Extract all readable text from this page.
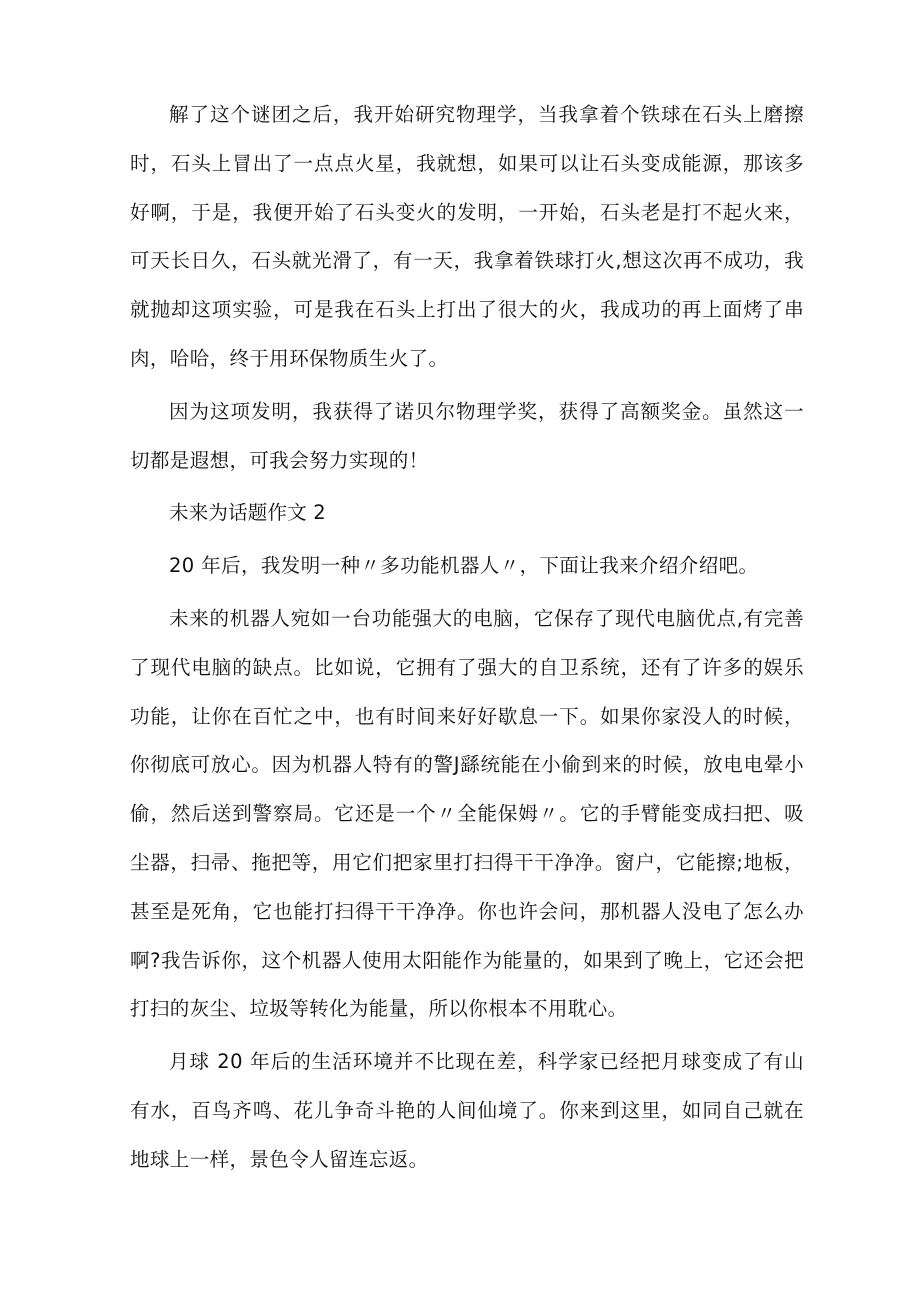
解了这个谜团之后，我开始研究物理学，当我拿着个铁球在石头上磨擦时，石头上冒出了一点点火星，我就想，如果可以让石头变成能源，那该多好啊，于是，我便开始了石头变火的发明，一开始，石头老是打不起火来，可天长日久，石头就光滑了，有一天，我拿着铁球打火,想这次再不成功，我就抛却这项实验，可是我在石头上打出了很大的火，我成功的再上面烤了串肉，哈哈，终于用环保物质生火了。

因为这项发明，我获得了诺贝尔物理学奖，获得了高额奖金。虽然这一切都是遐想，可我会努力实现的！

未来为话题作文 2

20 年后，我发明一种〃多功能机器人〃，下面让我来介绍介绍吧。

未来的机器人宛如一台功能强大的电脑，它保存了现代电脑优点,有完善了现代电脑的缺点。比如说，它拥有了强大的自卫系统，还有了许多的娱乐功能，让你在百忙之中，也有时间来好好歇息一下。如果你家没人的时候，你彻底可放心。因为机器人特有的警J繇统能在小偷到来的时候，放电电晕小偷，然后送到警察局。它还是一个〃全能保姆〃。它的手臂能变成扫把、吸尘器，扫帚、拖把等，用它们把家里打扫得干干净净。窗户，它能擦;地板，甚至是死角，它也能打扫得干干净净。你也许会问，那机器人没电了怎么办啊?我告诉你，这个机器人使用太阳能作为能量的，如果到了晚上，它还会把打扫的灰尘、垃圾等转化为能量，所以你根本不用耽心。

月球 20 年后的生活环境并不比现在差，科学家已经把月球变成了有山有水，百鸟齐鸣、花儿争奇斗艳的人间仙境了。你来到这里，如同自己就在地球上一样，景色令人留连忘返。
